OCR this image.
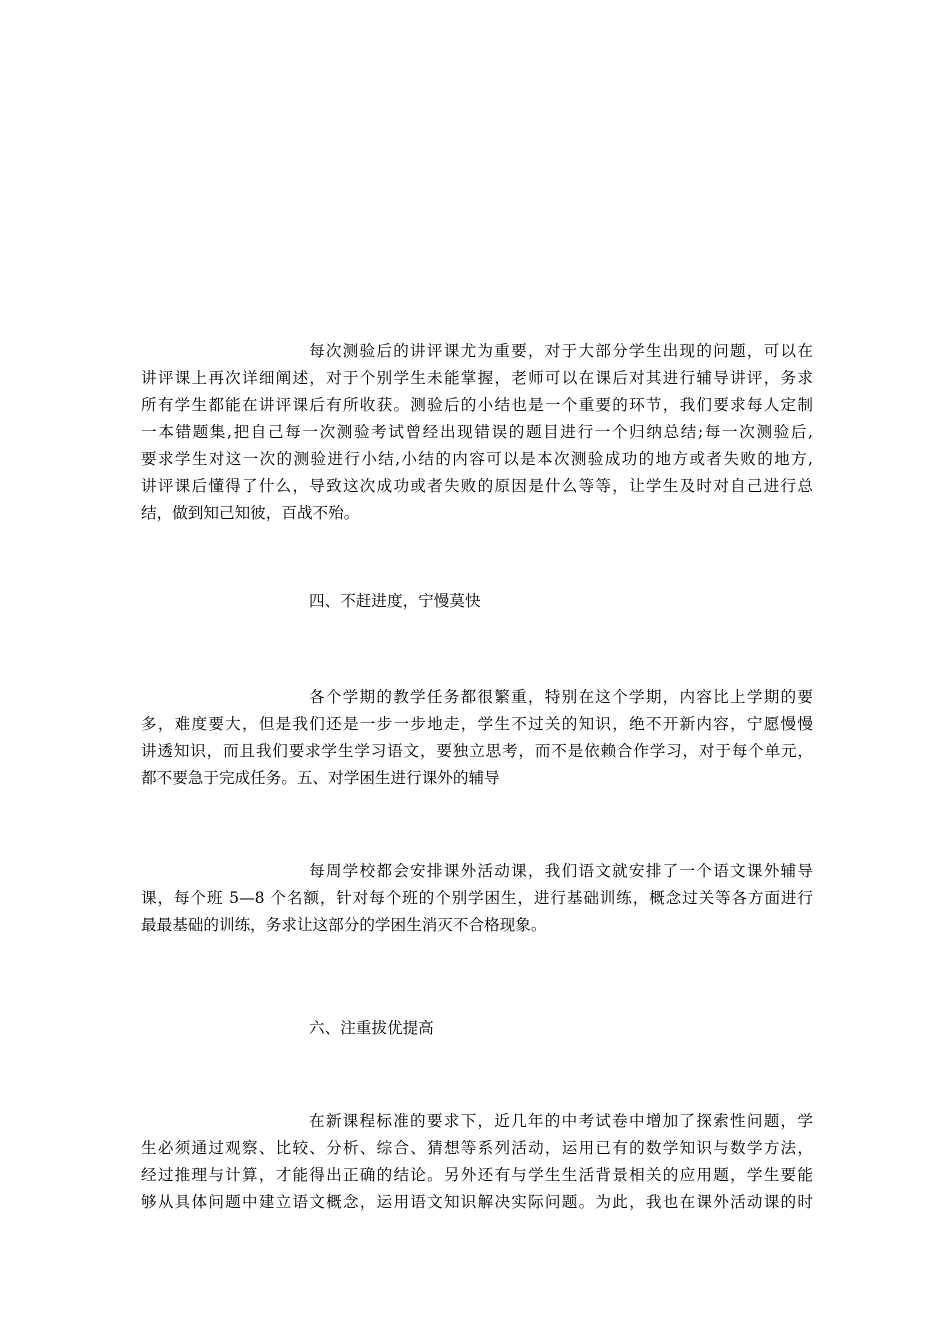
每次测验后的讲评课尤为重要，对于大部分学生出现的问题，可以在
讲评课上再次详细阐述，对于个别学生未能掌握，老师可以在课后对其进行辅导讲评，务求
所有学生都能在讲评课后有所收获。测验后的小结也是一个重要的环节，我们要求每人定制
一本错题集,把自己每一次测验考试曾经出现错误的题目进行一个归纳总结;每一次测验后,
要求学生对这一次的测验进行小结,小结的内容可以是本次测验成功的地方或者失败的地方,
讲评课后懂得了什么，导致这次成功或者失败的原因是什么等等，让学生及时对自己进行总
结，做到知己知彼，百战不殆。
四、不赶进度，宁慢莫快
各个学期的教学任务都很繁重，特别在这个学期，内容比上学期的要
多，难度要大，但是我们还是一步一步地走，学生不过关的知识，绝不开新内容，宁愿慢慢
讲透知识，而且我们要求学生学习语文，要独立思考，而不是依赖合作学习，对于每个单元，
都不要急于完成任务。五、对学困生进行课外的辅导
每周学校都会安排课外活动课，我们语文就安排了一个语文课外辅导
课，每个班 5—8 个名额，针对每个班的个别学困生，进行基础训练，概念过关等各方面进行
最最基础的训练，务求让这部分的学困生消灭不合格现象。
六、注重拔优提高
在新课程标准的要求下，近几年的中考试卷中增加了探索性问题，学
生必须通过观察、比较、分析、综合、猜想等系列活动，运用已有的数学知识与数学方法，
经过推理与计算，才能得出正确的结论。另外还有与学生生活背景相关的应用题，学生要能
够从具体问题中建立语文概念，运用语文知识解决实际问题。为此，我也在课外活动课的时
